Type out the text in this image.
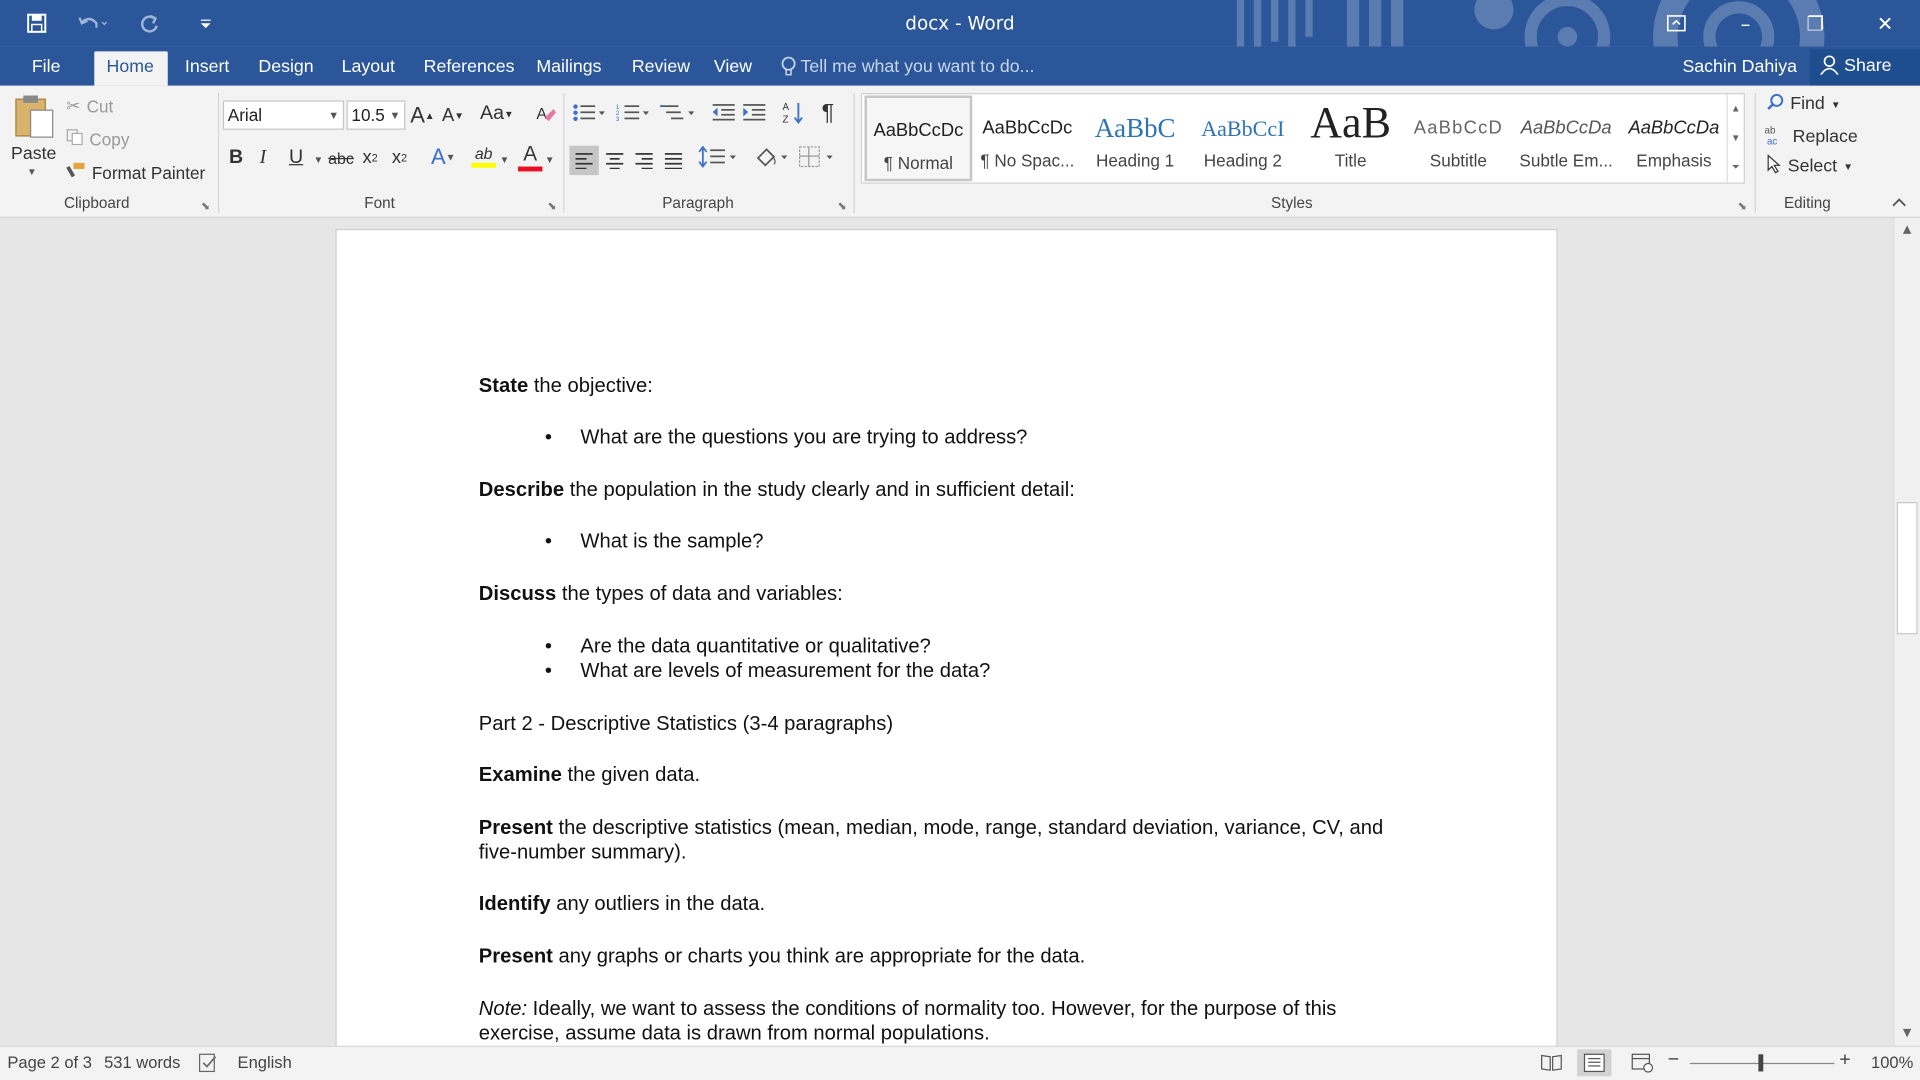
docx - Word	–	❐	✕
File	Home	Insert	Design	Layout	References	Mailings	Review	View	Tell me what you want to do...	Sachin Dahiya	Share
Paste
▼
✂ Cut
Copy
Format Painter
Clipboard	⬊
Arial	▼ 10.5 ▼ A ▲ A ▼ Aa ▼ A
B I U ▼ abc x 2 x 2 A ▼ ab ▼ A ▼
Font	⬊
1
2
3
A
Z ¶
Paragraph	⬊
AaBbCcDc
¶ Normal
AaBbCcDc
¶ No Spac...
AaBbC
Heading 1
AaBbCcI
Heading 2
AaB
Title
AaBbCcD
Subtitle
AaBbCcDa
Subtle Em...
AaBbCcDa
Emphasis
▲
▼
⏷
Styles	⬊
Find ▼
ab
ac Replace
Select ▼
Editing
State the objective:
• What are the questions you are trying to address?
Describe the population in the study clearly and in sufficient detail:
• What is the sample?
Discuss the types of data and variables:
• Are the data quantitative or qualitative?
• What are levels of measurement for the data?
Part 2 - Descriptive Statistics (3-4 paragraphs)
Examine the given data.
Present the descriptive statistics (mean, median, mode, range, standard deviation, variance, CV, and five-number summary).
Identify any outliers in the data.
Present any graphs or charts you think are appropriate for the data.
Note: Ideally, we want to assess the conditions of normality too. However, for the purpose of this exercise, assume data is drawn from normal populations.
▲
▼
Page 2 of 3 531 words	English	−	+ 100%
